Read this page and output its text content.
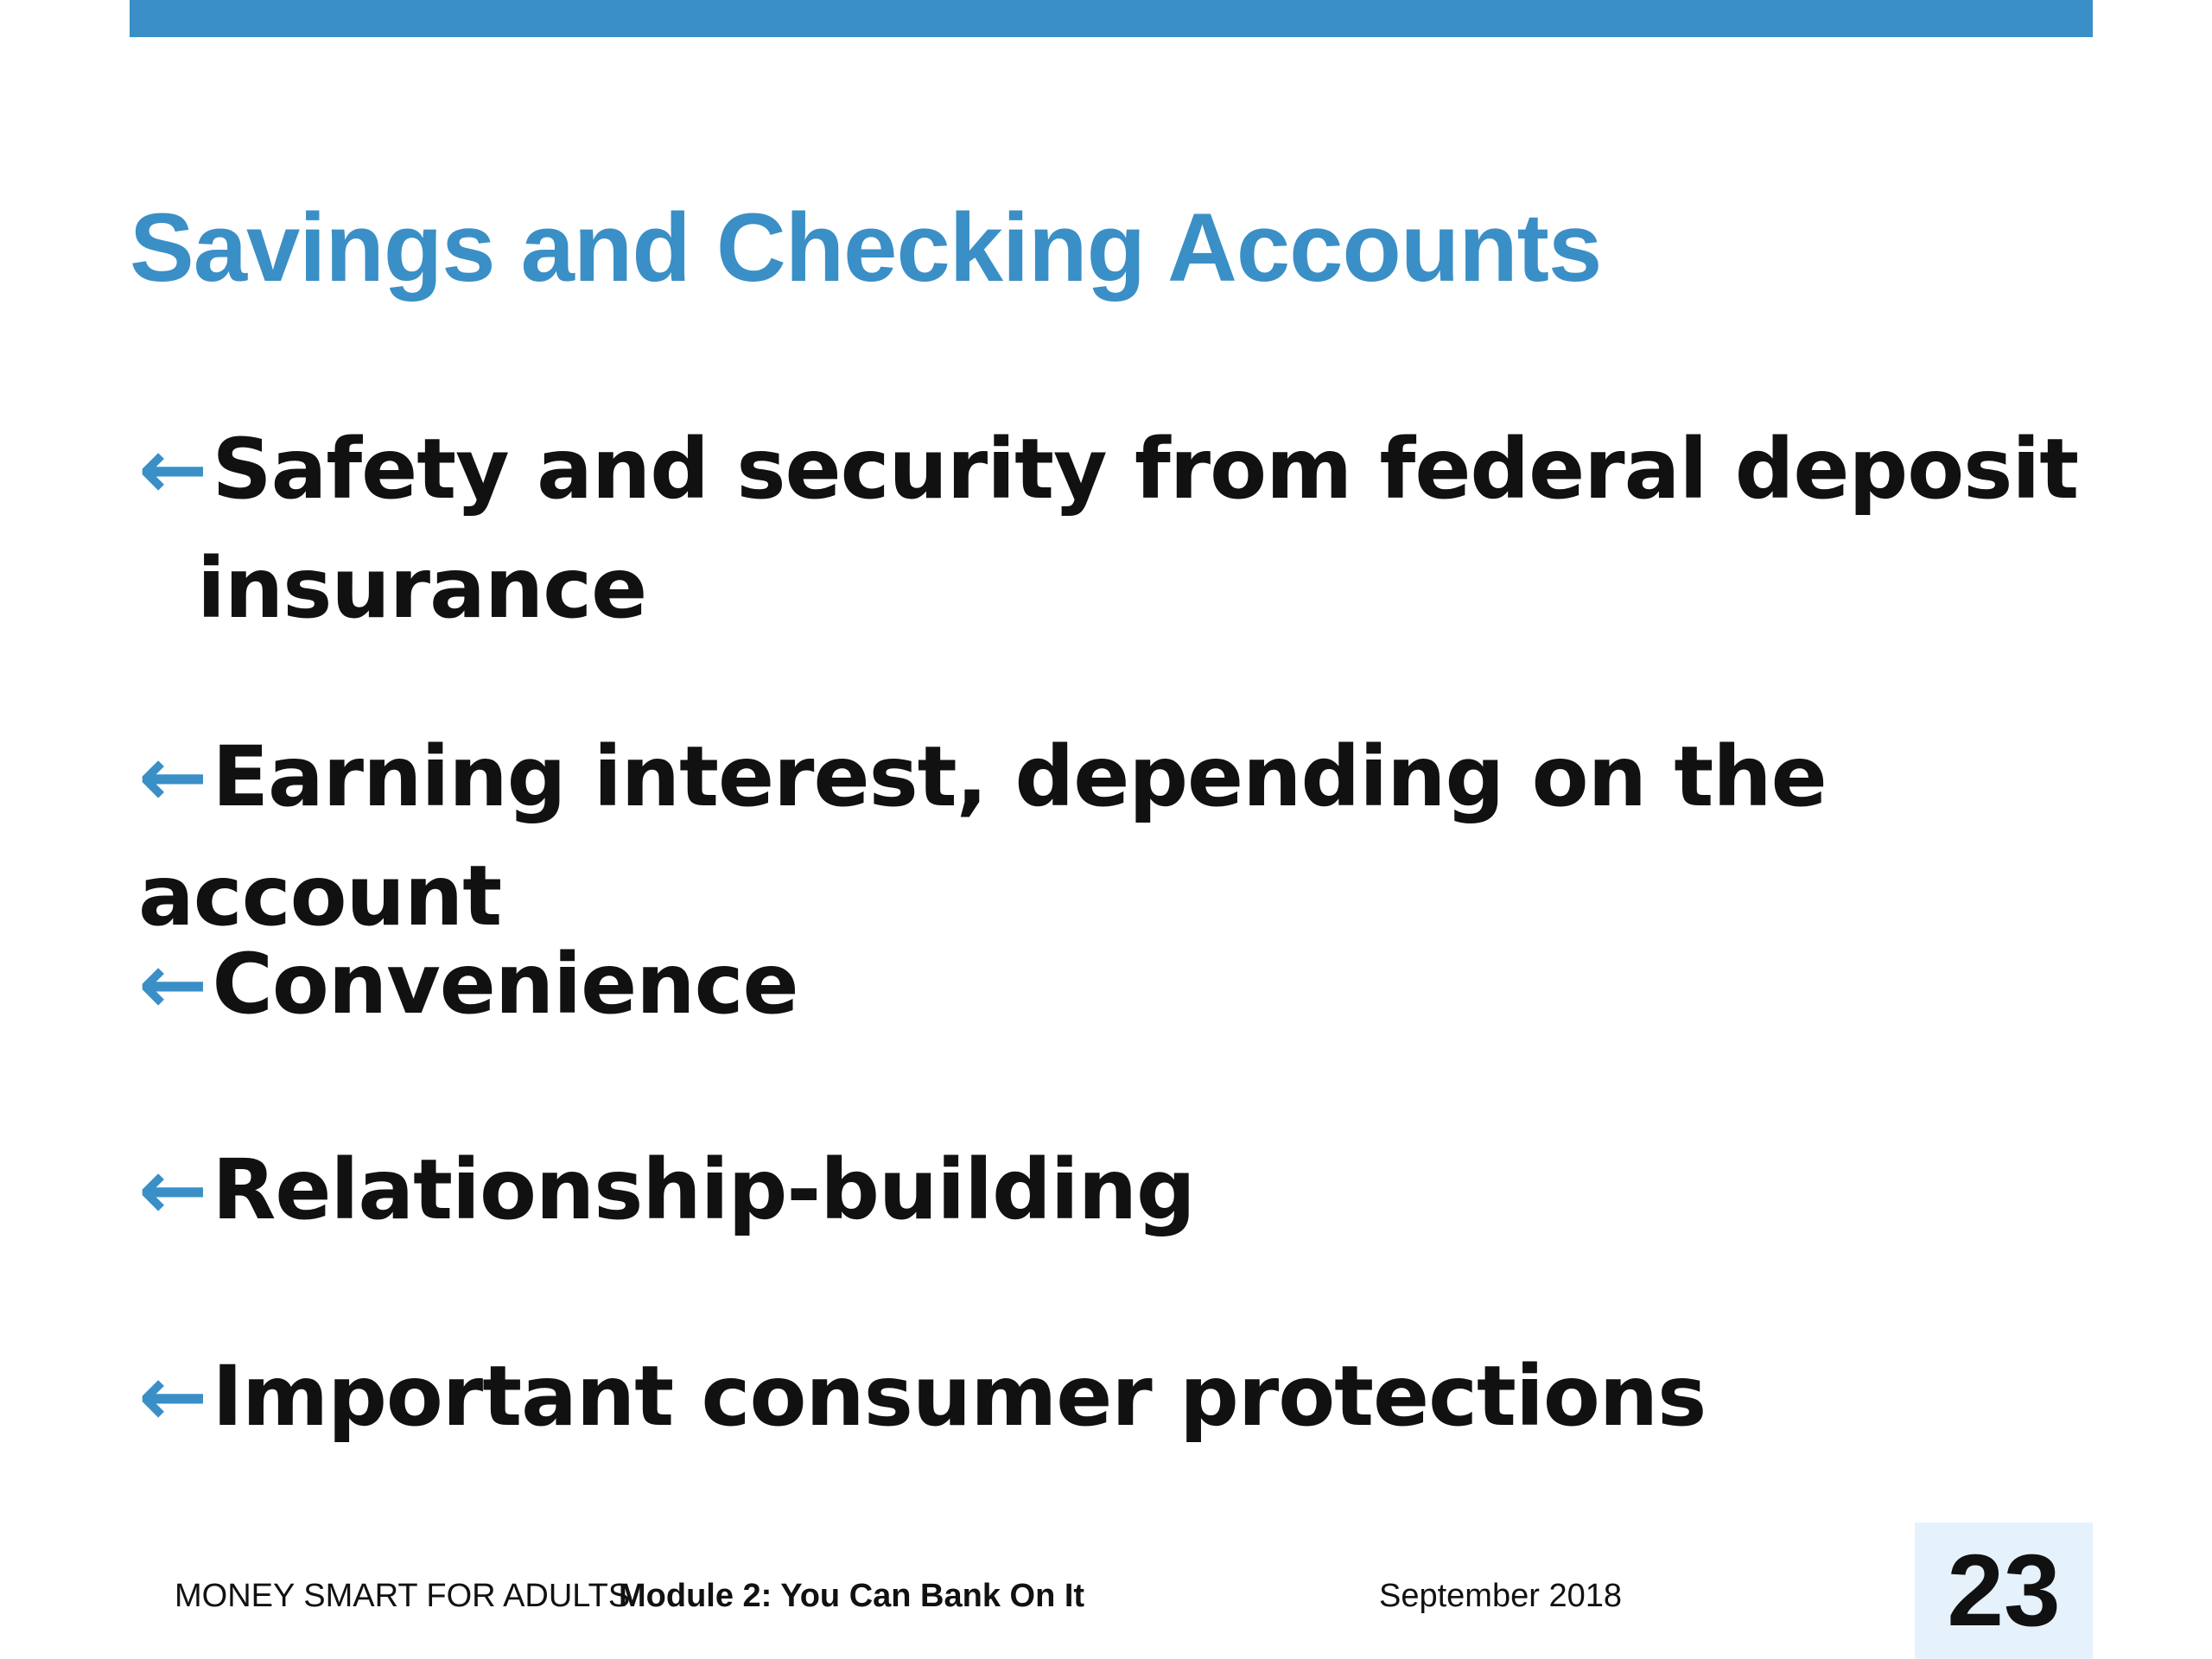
Savings and Checking Accounts
←Safety and security from federal deposit
insurance
←Earning interest, depending on the account
←Convenience
←Relationship-building
←Important consumer protections
MONEY SMART FOR ADULTS
Module 2: You Can Bank On It	September 2018	23
